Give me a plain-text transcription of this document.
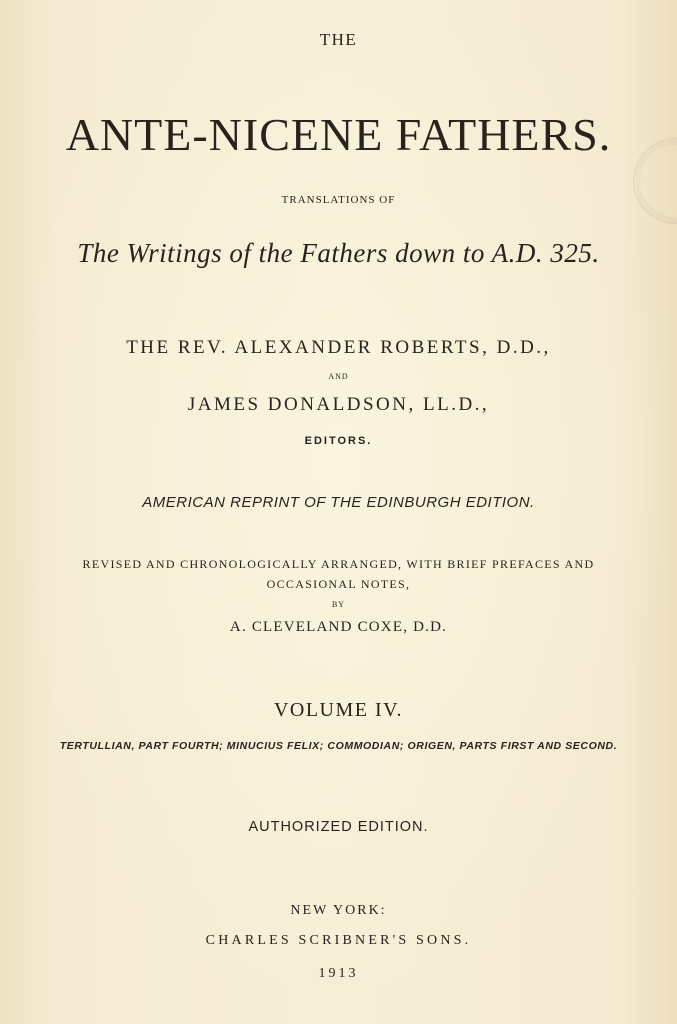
THE
ANTE-NICENE FATHERS.
TRANSLATIONS OF
The Writings of the Fathers down to A.D. 325.
THE REV. ALEXANDER ROBERTS, D.D.,
AND
JAMES DONALDSON, LL.D.,
EDITORS.
AMERICAN REPRINT OF THE EDINBURGH EDITION.
REVISED AND CHRONOLOGICALLY ARRANGED, WITH BRIEF PREFACES AND
OCCASIONAL NOTES,
BY
A. CLEVELAND COXE, D.D.
VOLUME IV.
TERTULLIAN, PART FOURTH; MINUCIUS FELIX; COMMODIAN; ORIGEN, PARTS FIRST AND SECOND.
AUTHORIZED EDITION.
NEW YORK:
CHARLES SCRIBNER'S SONS.
1913
